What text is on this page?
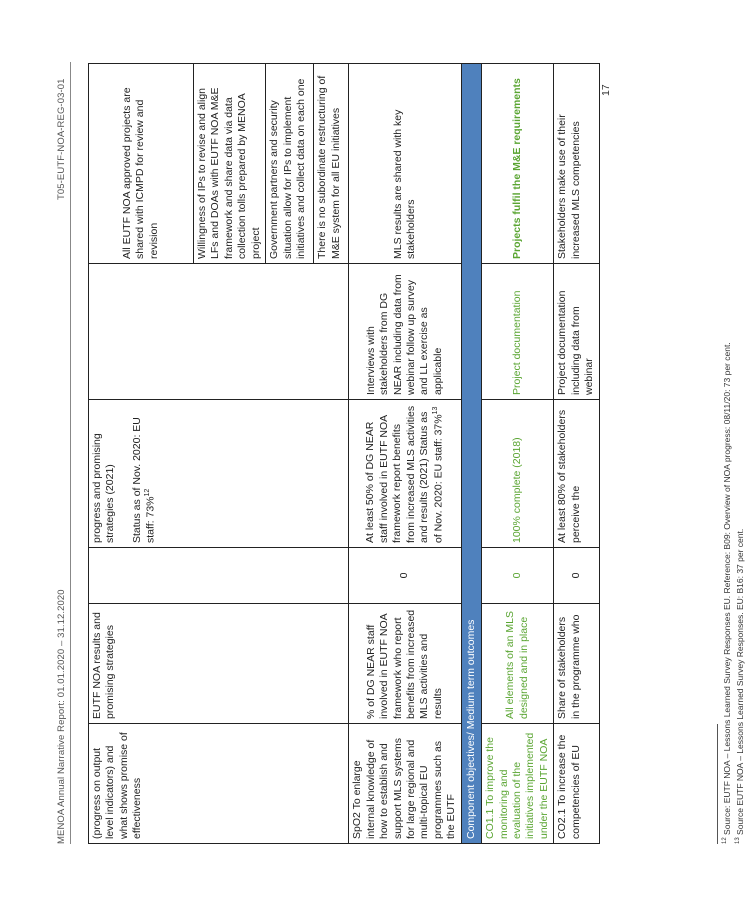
MENOA Annual Narrative Report: 01.01.2020 – 31.12.2020
T05-EUTF-NOA-REG-03-01
(progress on output level indicators) and what shows promise of effectiveness	EUTF NOA results and promising strategies		progress and promising strategies (2021) Status as of Nov. 2020: EU staff: 73%$^{12}$		All EUTF NOA approved projects are shared with ICMPD for review and revision
					Willingness of IPs to revise and align LFs and DOAs with EUTF NOA M&E framework and share data via data collection tolls prepared by MENOA project
					Government partners and security situation allow for IPs to implement initiatives and collect data on each one
					There is no subordinate restructuring of M&E system for all EU initiatives
SpO2 To enlarge internal knowledge of how to establish and support MLS systems for large regional and multi-topical EU programmes such as the EUTF	% of DG NEAR staff involved in EUTF NOA framework who report benefits from increased MLS activities and results	0	At least 50% of DG NEAR staff involved in EUTF NOA framework report benefits from increased MLS activities and results (2021) Status as of Nov. 2020: EU staff: 37%$^{13}$	Interviews with stakeholders from DG NEAR including data from webinar follow up survey and LL exercise as applicable	MLS results are shared with key stakeholders
Component objectives/ Medium term outcomes					
CO1.1 To improve the monitoring and evaluation of the initiatives implemented under the EUTF NOA	All elements of an MLS designed and in place	0	100% complete (2018)	Project documentation	Projects fulfil the M&E requirements
CO2.1 To increase the competencies of EU	Share of stakeholders in the programme who	0	At least 80% of stakeholders perceive the	Project documentation including data from webinar	Stakeholders make use of their increased MLS competencies
$^{12}$ Source: EUTF NOA – Lessons Learned Survey Responses EU. Reference: B09: Overview of NOA progress: 08/11/20: 73 per cent.
$^{13}$ Source EUTF NOA – Lessons Learned Survey Responses. EU: B16: 37 per cent.
17
